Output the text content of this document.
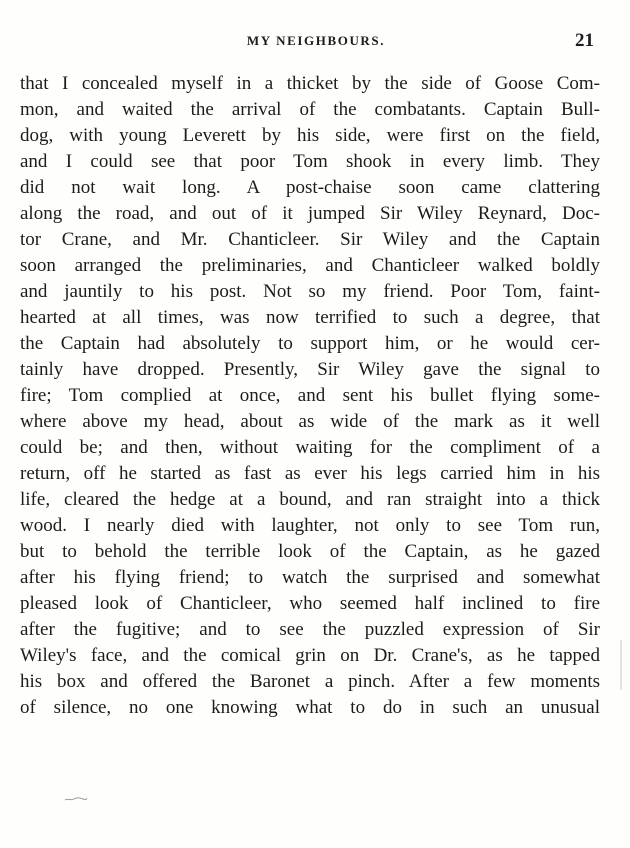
MY NEIGHBOURS.	21
that I concealed myself in a thicket by the side of Goose Com-
mon, and waited the arrival of the combatants. Captain Bull-
dog, with young Leverett by his side, were first on the field,
and I could see that poor Tom shook in every limb. They
did not wait long. A post-chaise soon came clattering
along the road, and out of it jumped Sir Wiley Reynard, Doc-
tor Crane, and Mr. Chanticleer. Sir Wiley and the Captain
soon arranged the preliminaries, and Chanticleer walked boldly
and jauntily to his post. Not so my friend. Poor Tom, faint-
hearted at all times, was now terrified to such a degree, that
the Captain had absolutely to support him, or he would cer-
tainly have dropped. Presently, Sir Wiley gave the signal to
fire; Tom complied at once, and sent his bullet flying some-
where above my head, about as wide of the mark as it well
could be; and then, without waiting for the compliment of a
return, off he started as fast as ever his legs carried him in his
life, cleared the hedge at a bound, and ran straight into a thick
wood. I nearly died with laughter, not only to see Tom run,
but to behold the terrible look of the Captain, as he gazed
after his flying friend; to watch the surprised and somewhat
pleased look of Chanticleer, who seemed half inclined to fire
after the fugitive; and to see the puzzled expression of Sir
Wiley's face, and the comical grin on Dr. Crane's, as he tapped
his box and offered the Baronet a pinch. After a few moments
of silence, no one knowing what to do in such an unusual
